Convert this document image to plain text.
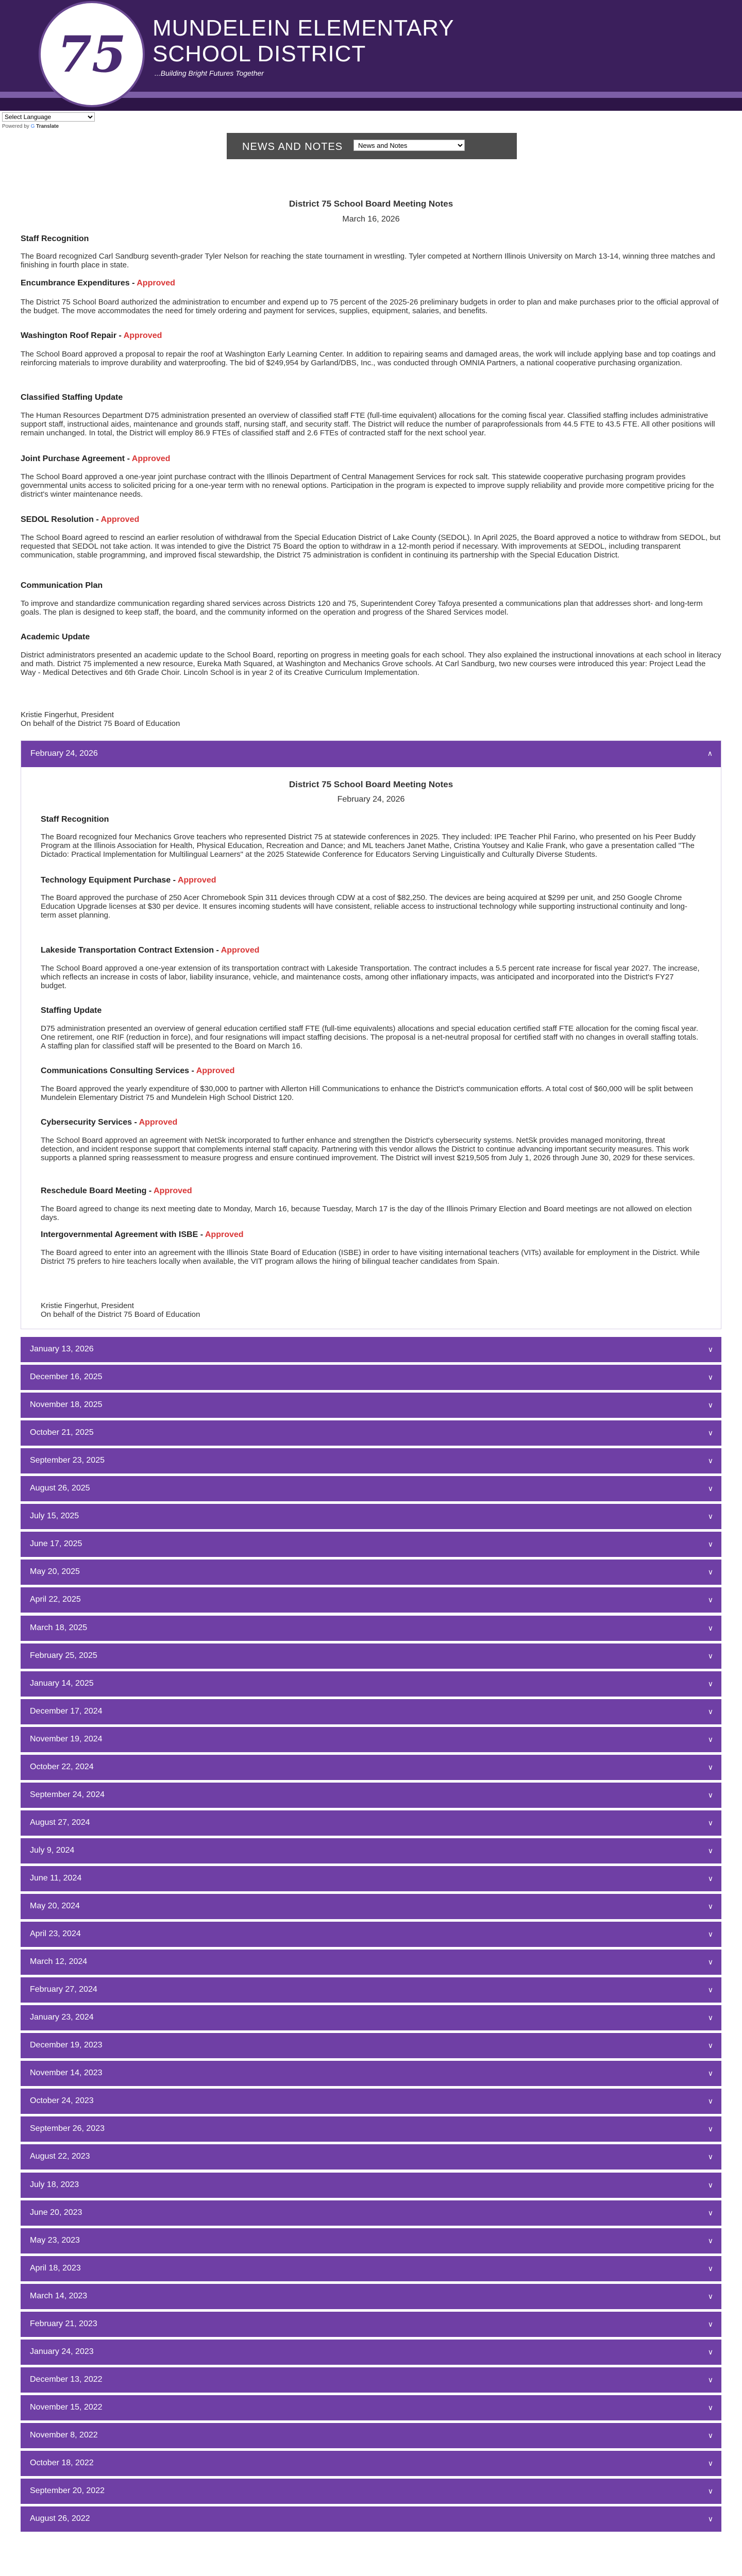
75 MUNDELEIN ELEMENTARY
SCHOOL DISTRICT
...Building Bright Futures Together
Select Language
Powered by G Translate
NEWS AND NOTES
News and Notes
District 75 School Board Meeting Notes
March 16, 2026
Staff Recognition
The Board recognized Carl Sandburg seventh-grader Tyler Nelson for reaching the state tournament in wrestling. Tyler competed at Northern Illinois University on March 13-14, winning three matches and finishing in fourth place in state.
Encumbrance Expenditures - Approved
The District 75 School Board authorized the administration to encumber and expend up to 75 percent of the 2025-26 preliminary budgets in order to plan and make purchases prior to the official approval of the budget. The move accommodates the need for timely ordering and payment for services, supplies, equipment, salaries, and benefits.
Washington Roof Repair - Approved
The School Board approved a proposal to repair the roof at Washington Early Learning Center. In addition to repairing seams and damaged areas, the work will include applying base and top coatings and reinforcing materials to improve durability and waterproofing. The bid of $249,954 by Garland/DBS, Inc., was conducted through OMNIA Partners, a national cooperative purchasing organization.
Classified Staffing Update
The Human Resources Department D75 administration presented an overview of classified staff FTE (full-time equivalent) allocations for the coming fiscal year. Classified staffing includes administrative support staff, instructional aides, maintenance and grounds staff, nursing staff, and security staff. The District will reduce the number of paraprofessionals from 44.5 FTE to 43.5 FTE. All other positions will remain unchanged. In total, the District will employ 86.9 FTEs of classified staff and 2.6 FTEs of contracted staff for the next school year.
Joint Purchase Agreement - Approved
The School Board approved a one-year joint purchase contract with the Illinois Department of Central Management Services for rock salt. This statewide cooperative purchasing program provides governmental units access to solicited pricing for a one-year term with no renewal options. Participation in the program is expected to improve supply reliability and provide more competitive pricing for the district's winter maintenance needs.
SEDOL Resolution - Approved
The School Board agreed to rescind an earlier resolution of withdrawal from the Special Education District of Lake County (SEDOL). In April 2025, the Board approved a notice to withdraw from SEDOL, but requested that SEDOL not take action. It was intended to give the District 75 Board the option to withdraw in a 12-month period if necessary. With improvements at SEDOL, including transparent communication, stable programming, and improved fiscal stewardship, the District 75 administration is confident in continuing its partnership with the Special Education District.
Communication Plan
To improve and standardize communication regarding shared services across Districts 120 and 75, Superintendent Corey Tafoya presented a communications plan that addresses short- and long-term goals. The plan is designed to keep staff, the board, and the community informed on the operation and progress of the Shared Services model.
Academic Update
District administrators presented an academic update to the School Board, reporting on progress in meeting goals for each school. They also explained the instructional innovations at each school in literacy and math. District 75 implemented a new resource, Eureka Math Squared, at Washington and Mechanics Grove schools. At Carl Sandburg, two new courses were introduced this year: Project Lead the Way - Medical Detectives and 6th Grade Choir. Lincoln School is in year 2 of its Creative Curriculum Implementation.
Kristie Fingerhut, President
On behalf of the District 75 Board of Education
February 24, 2026	∧
District 75 School Board Meeting Notes
February 24, 2026
Staff Recognition
The Board recognized four Mechanics Grove teachers who represented District 75 at statewide conferences in 2025. They included: IPE Teacher Phil Farino, who presented on his Peer Buddy Program at the Illinois Association for Health, Physical Education, Recreation and Dance; and ML teachers Janet Mathe, Cristina Youtsey and Kalie Frank, who gave a presentation called "The Dictado: Practical Implementation for Multilingual Learners" at the 2025 Statewide Conference for Educators Serving Linguistically and Culturally Diverse Students.
Technology Equipment Purchase - Approved
The Board approved the purchase of 250 Acer Chromebook Spin 311 devices through CDW at a cost of $82,250. The devices are being acquired at $299 per unit, and 250 Google Chrome Education Upgrade licenses at $30 per device. It ensures incoming students will have consistent, reliable access to instructional technology while supporting instructional continuity and long-term asset planning.
Lakeside Transportation Contract Extension - Approved
The School Board approved a one-year extension of its transportation contract with Lakeside Transportation. The contract includes a 5.5 percent rate increase for fiscal year 2027. The increase, which reflects an increase in costs of labor, liability insurance, vehicle, and maintenance costs, among other inflationary impacts, was anticipated and incorporated into the District's FY27 budget.
Staffing Update
D75 administration presented an overview of general education certified staff FTE (full-time equivalents) allocations and special education certified staff FTE allocation for the coming fiscal year. One retirement, one RIF (reduction in force), and four resignations will impact staffing decisions. The proposal is a net-neutral proposal for certified staff with no changes in overall staffing totals. A staffing plan for classified staff will be presented to the Board on March 16.
Communications Consulting Services - Approved
The Board approved the yearly expenditure of $30,000 to partner with Allerton Hill Communications to enhance the District's communication efforts. A total cost of $60,000 will be split between Mundelein Elementary District 75 and Mundelein High School District 120.
Cybersecurity Services - Approved
The School Board approved an agreement with NetSk incorporated to further enhance and strengthen the District's cybersecurity systems. NetSk provides managed monitoring, threat detection, and incident response support that complements internal staff capacity. Partnering with this vendor allows the District to continue advancing important security measures. This work supports a planned spring reassessment to measure progress and ensure continued improvement. The District will invest $219,505 from July 1, 2026 through June 30, 2029 for these services.
Reschedule Board Meeting - Approved
The Board agreed to change its next meeting date to Monday, March 16, because Tuesday, March 17 is the day of the Illinois Primary Election and Board meetings are not allowed on election days.
Intergovernmental Agreement with ISBE - Approved
The Board agreed to enter into an agreement with the Illinois State Board of Education (ISBE) in order to have visiting international teachers (VITs) available for employment in the District. While District 75 prefers to hire teachers locally when available, the VIT program allows the hiring of bilingual teacher candidates from Spain.
Kristie Fingerhut, President
On behalf of the District 75 Board of Education
January 13, 2026	∨
December 16, 2025	∨
November 18, 2025	∨
October 21, 2025	∨
September 23, 2025	∨
August 26, 2025	∨
July 15, 2025	∨
June 17, 2025	∨
May 20, 2025	∨
April 22, 2025	∨
March 18, 2025	∨
February 25, 2025	∨
January 14, 2025	∨
December 17, 2024	∨
November 19, 2024	∨
October 22, 2024	∨
September 24, 2024	∨
August 27, 2024	∨
July 9, 2024	∨
June 11, 2024	∨
May 20, 2024	∨
April 23, 2024	∨
March 12, 2024	∨
February 27, 2024	∨
January 23, 2024	∨
December 19, 2023	∨
November 14, 2023	∨
October 24, 2023	∨
September 26, 2023	∨
August 22, 2023	∨
July 18, 2023	∨
June 20, 2023	∨
May 23, 2023	∨
April 18, 2023	∨
March 14, 2023	∨
February 21, 2023	∨
January 24, 2023	∨
December 13, 2022	∨
November 15, 2022	∨
November 8, 2022	∨
October 18, 2022	∨
September 20, 2022	∨
August 26, 2022	∨
